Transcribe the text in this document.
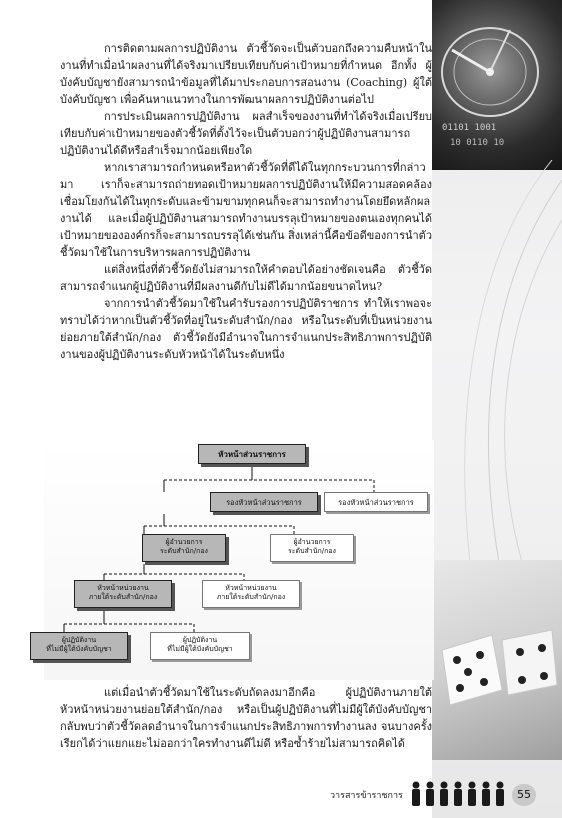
01101 1001
10 0110 10

การติดตามผลการปฏิบัติงาน ตัวชี้วัดจะเป็นตัวบอกถึงความคืบหน้าในงานที่ทำเมื่อนำผลงานที่ได้จริงมาเปรียบเทียบกับค่าเป้าหมายที่กำหนด อีกทั้ง ผู้บังคับบัญชายังสามารถนำข้อมูลที่ได้มาประกอบการสอนงาน (Coaching) ผู้ใต้บังคับบัญชา เพื่อค้นหาแนวทางในการพัฒนาผลการปฏิบัติงานต่อไป

การประเมินผลการปฏิบัติงาน ผลสำเร็จของงานที่ทำได้จริงเมื่อเปรียบเทียบกับค่าเป้าหมายของตัวชี้วัดที่ตั้งไว้จะเป็นตัวบอกว่าผู้ปฏิบัติงานสามารถปฏิบัติงานได้ดีหรือสำเร็จมากน้อยเพียงใด

หากเราสามารถกำหนดหรือหาตัวชี้วัดที่ดีได้ในทุกกระบวนการที่กล่าวมา เราก็จะสามารถถ่ายทอดเป้าหมายผลการปฏิบัติงานให้มีความสอดคล้องเชื่อมโยงกันได้ในทุกระดับและข้ามขามทุกคนก็จะสามารถทำงานโดยยึดหลักผลงานได้ และเมื่อผู้ปฏิบัติงานสามารถทำงานบรรลุเป้าหมายของตนเองทุกคนได้ เป้าหมายขององค์กรก็จะสามารถบรรลุได้เช่นกัน สิ่งเหล่านี้คือข้อดีของการนำตัวชี้วัดมาใช้ในการบริหารผลการปฏิบัติงาน

แต่สิ่งหนึ่งที่ตัวชี้วัดยังไม่สามารถให้คำตอบได้อย่างชัดเจนคือ ตัวชี้วัดสามารถจำแนกผู้ปฏิบัติงานที่มีผลงานดีกับไม่ดีได้มากน้อยขนาดไหน?

จากการนำตัวชี้วัดมาใช้ในคำรับรองการปฏิบัติราชการ ทำให้เราพอจะทราบได้ว่าหากเป็นตัวชี้วัดที่อยู่ในระดับสำนัก/กอง หรือในระดับที่เป็นหน่วยงานย่อยภายใต้สำนัก/กอง ตัวชี้วัดยังมีอำนาจในการจำแนกประสิทธิภาพการปฏิบัติงานของผู้ปฏิบัติงานระดับหัวหน้าได้ในระดับหนึ่ง

หัวหน้าส่วนราชการ
รองหัวหน้าส่วนราชการ	รองหัวหน้าส่วนราชการ
ผู้อำนวยการ
ระดับสำนัก/กอง
ผู้อำนวยการ
ระดับสำนัก/กอง
หัวหน้าหน่วยงาน
ภายใต้ระดับสำนัก/กอง
หัวหน้าหน่วยงาน
ภายใต้ระดับสำนัก/กอง
ผู้ปฏิบัติงาน
ที่ไม่มีผู้ใต้บังคับบัญชา
ผู้ปฏิบัติงาน
ที่ไม่มีผู้ใต้บังคับบัญชา

แต่เมื่อนำตัวชี้วัดมาใช้ในระดับถัดลงมาอีกคือ ผู้ปฏิบัติงานภายใต้หัวหน้าหน่วยงานย่อยใต้สำนัก/กอง หรือเป็นผู้ปฏิบัติงานที่ไม่มีผู้ใต้บังคับบัญชา กลับพบว่าตัวชี้วัดลดอำนาจในการจำแนกประสิทธิภาพการทำงานลง จนบางครั้งเรียกได้ว่าแยกแยะไม่ออกว่าใครทำงานดีไม่ดี หรือซ้ำร้ายไม่สามารถคิดได้

วารสารข้าราชการ	55
